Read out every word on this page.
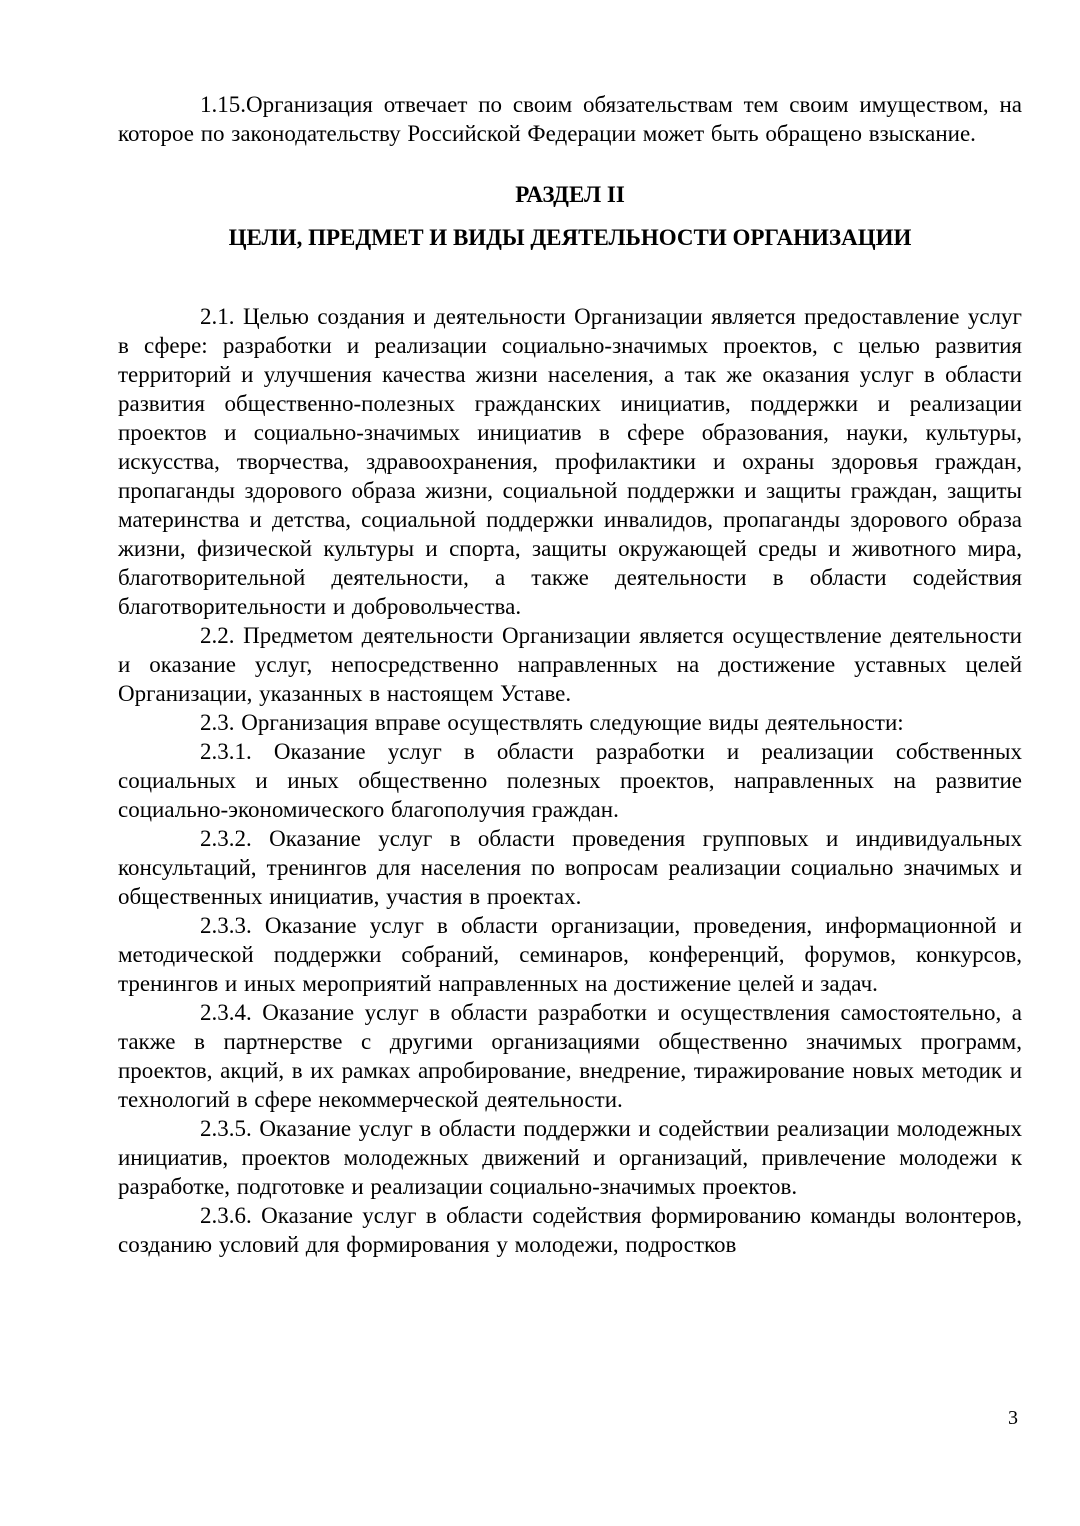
1.15.Организация отвечает по своим обязательствам тем своим имуществом, на которое по законодательству Российской Федерации может быть обращено взыскание.

РАЗДЕЛ II
ЦЕЛИ, ПРЕДМЕТ И ВИДЫ ДЕЯТЕЛЬНОСТИ ОРГАНИЗАЦИИ

2.1. Целью создания и деятельности Организации является предоставление услуг в сфере: разработки и реализации социально-значимых проектов, с целью развития территорий и улучшения качества жизни населения, а так же оказания услуг в области развития общественно-полезных гражданских инициатив, поддержки и реализации проектов и социально-значимых инициатив в сфере образования, науки, культуры, искусства, творчества, здравоохранения, профилактики и охраны здоровья граждан, пропаганды здорового образа жизни, социальной поддержки и защиты граждан, защиты материнства и детства, социальной поддержки инвалидов, пропаганды здорового образа жизни, физической культуры и спорта, защиты окружающей среды и животного мира, благотворительной деятельности, а также деятельности в области содействия благотворительности и добровольчества.

2.2. Предметом деятельности Организации является осуществление деятельности и оказание услуг, непосредственно направленных на достижение уставных целей Организации, указанных в настоящем Уставе.

2.3. Организация вправе осуществлять следующие виды деятельности:

2.3.1. Оказание услуг в области разработки и реализации собственных социальных и иных общественно полезных проектов, направленных на развитие социально-экономического благополучия граждан.

2.3.2. Оказание услуг в области проведения групповых и индивидуальных консультаций, тренингов для населения по вопросам реализации социально значимых и общественных инициатив, участия в проектах.

2.3.3. Оказание услуг в области организации, проведения, информационной и методической поддержки собраний, семинаров, конференций, форумов, конкурсов, тренингов и иных мероприятий направленных на достижение целей и задач.

2.3.4. Оказание услуг в области разработки и осуществления самостоятельно, а также в партнерстве с другими организациями общественно значимых программ, проектов, акций, в их рамках апробирование, внедрение, тиражирование новых методик и технологий в сфере некоммерческой деятельности.

2.3.5. Оказание услуг в области поддержки и содействии реализации молодежных инициатив, проектов молодежных движений и организаций, привлечение молодежи к разработке, подготовке и реализации социально-значимых проектов.

2.3.6. Оказание услуг в области содействия формированию команды волонтеров, созданию условий для формирования у молодежи, подростков

3
